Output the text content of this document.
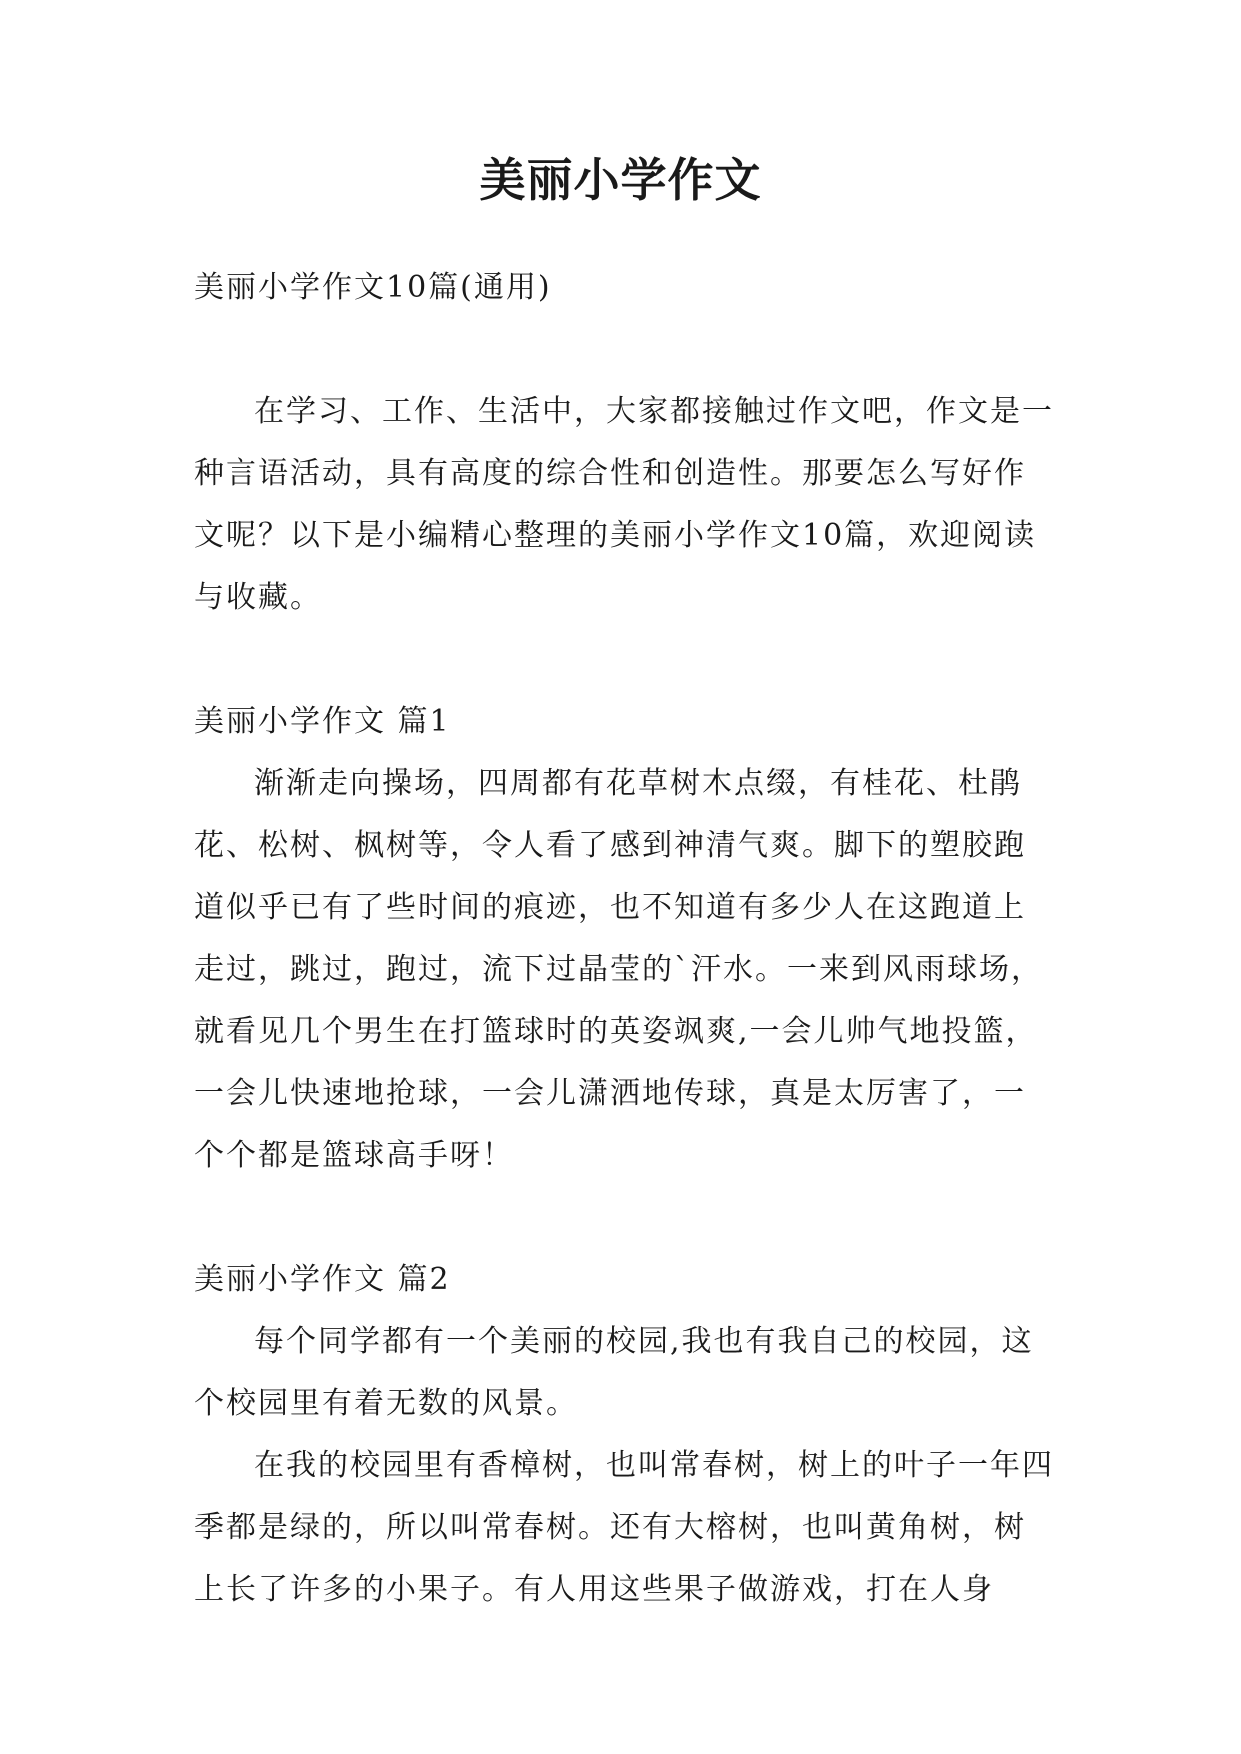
美丽小学作文

美丽小学作文10篇(通用)

在学习、工作、生活中，大家都接触过作文吧，作文是一种言语活动，具有高度的综合性和创造性。那要怎么写好作文呢？以下是小编精心整理的美丽小学作文10篇，欢迎阅读与收藏。

美丽小学作文 篇1

渐渐走向操场，四周都有花草树木点缀，有桂花、杜鹃花、松树、枫树等，令人看了感到神清气爽。脚下的塑胶跑道似乎已有了些时间的痕迹，也不知道有多少人在这跑道上走过，跳过，跑过，流下过晶莹的`汗水。一来到风雨球场，就看见几个男生在打篮球时的英姿飒爽,一会儿帅气地投篮，一会儿快速地抢球，一会儿潇洒地传球，真是太厉害了，一个个都是篮球高手呀！

美丽小学作文 篇2

每个同学都有一个美丽的校园,我也有我自己的校园，这个校园里有着无数的风景。

在我的校园里有香樟树，也叫常春树，树上的叶子一年四季都是绿的，所以叫常春树。还有大榕树，也叫黄角树，树上长了许多的小果子。有人用这些果子做游戏，打在人身
